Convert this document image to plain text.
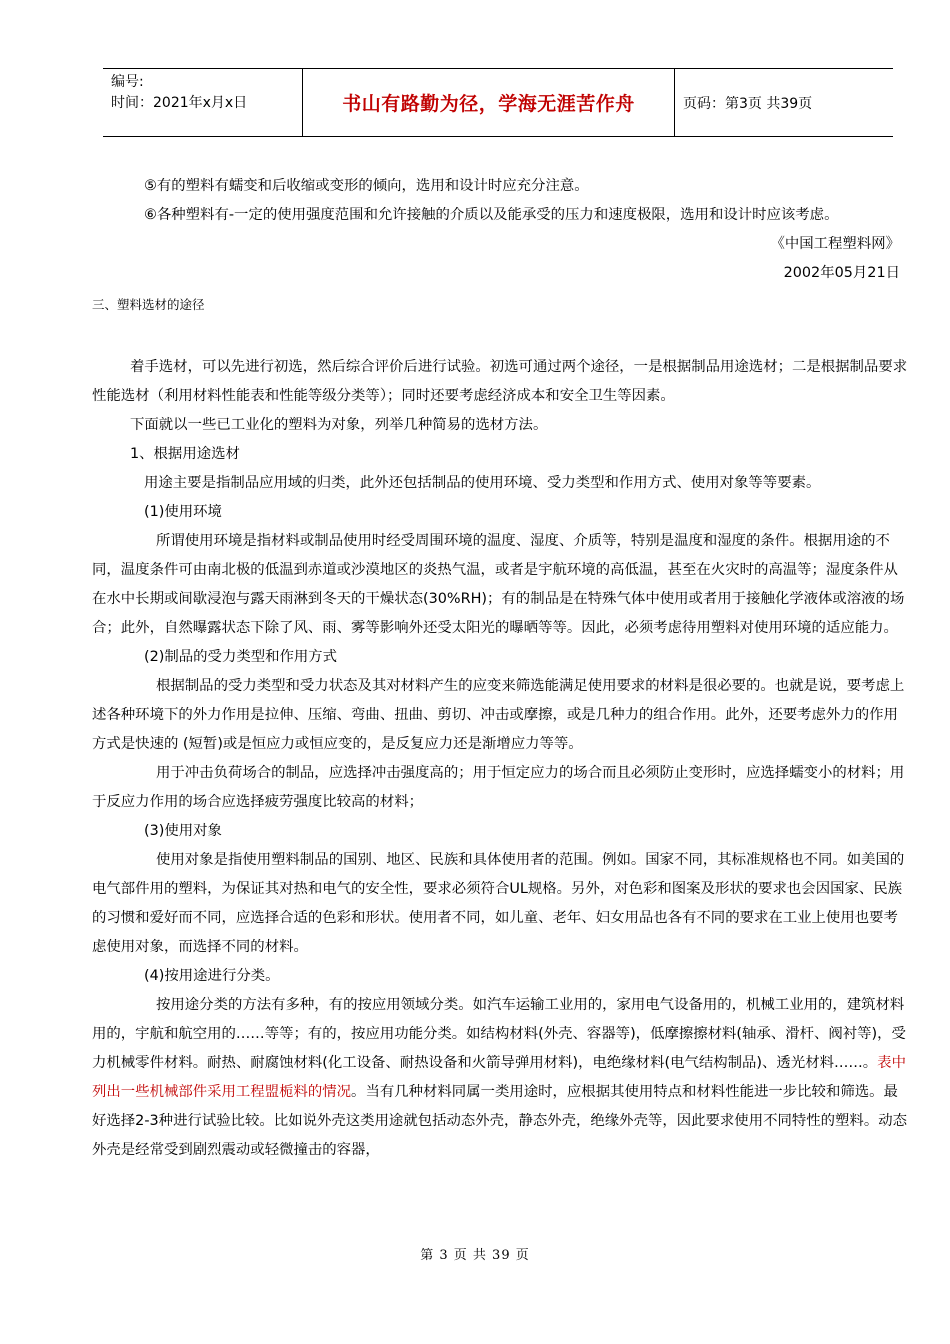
编号:
时间：2021年x月x日	书山有路勤为径，学海无涯苦作舟	页码：第3页 共39页

⑤有的塑料有蠕变和后收缩或变形的倾向，选用和设计时应充分注意。

⑥各种塑料有-一定的使用强度范围和允许接触的介质以及能承受的压力和速度极限，选用和设计时应该考虑。

《中国工程塑料网》

2002年05月21日

三、塑料选材的途径

着手选材，可以先进行初选，然后综合评价后进行试验。初选可通过两个途径，一是根据制品用途选材；二是根据制品要求性能选材（利用材料性能表和性能等级分类等）；同时还要考虑经济成本和安全卫生等因素。

下面就以一些已工业化的塑料为对象，列举几种简易的选材方法。

1、根据用途选材

用途主要是指制品应用域的归类，此外还包括制品的使用环境、受力类型和作用方式、使用对象等等要素。

(1)使用环境

所谓使用环境是指材料或制品使用时经受周围环境的温度、湿度、介质等，特别是温度和湿度的条件。根据用途的不同，温度条件可由南北极的低温到赤道或沙漠地区的炎热气温，或者是宇航环境的高低温，甚至在火灾时的高温等；湿度条件从在水中长期或间歇浸泡与露天雨淋到冬天的干燥状态(30%RH)；有的制品是在特殊气体中使用或者用于接触化学液体或溶液的场合；此外，自然曝露状态下除了风、雨、雾等影响外还受太阳光的曝晒等等。因此，必须考虑待用塑料对使用环境的适应能力。

(2)制品的受力类型和作用方式

根据制品的受力类型和受力状态及其对材料产生的应变来筛选能满足使用要求的材料是很必要的。也就是说，要考虑上述各种环境下的外力作用是拉伸、压缩、弯曲、扭曲、剪切、冲击或摩擦，或是几种力的组合作用。此外，还要考虑外力的作用方式是快速的 (短暂)或是恒应力或恒应变的，是反复应力还是渐增应力等等。

用于冲击负荷场合的制品，应选择冲击强度高的；用于恒定应力的场合而且必须防止变形时，应选择蠕变小的材料；用于反应力作用的场合应选择疲劳强度比较高的材料；

(3)使用对象

使用对象是指使用塑料制品的国别、地区、民族和具体使用者的范围。例如。国家不同，其标准规格也不同。如美国的电气部件用的塑料，为保证其对热和电气的安全性，要求必须符合UL规格。另外，对色彩和图案及形状的要求也会因国家、民族的习惯和爱好而不同，应选择合适的色彩和形状。使用者不同，如儿童、老年、妇女用品也各有不同的要求在工业上使用也要考虑使用对象，而选择不同的材料。

(4)按用途进行分类。

按用途分类的方法有多种，有的按应用领域分类。如汽车运输工业用的，家用电气设备用的，机械工业用的，建筑材料用的，宇航和航空用的……等等；有的，按应用功能分类。如结构材料(外壳、容器等)，低摩擦擦材料(轴承、滑杆、阀衬等)，受力机械零件材料。耐热、耐腐蚀材料(化工设备、耐热设备和火箭导弹用材料)，电绝缘材料(电气结构制品)、透光材料……。表中列出一些机械部件采用工程盟栀料的情况。当有几种材料同属一类用途时，应根据其使用特点和材料性能进一步比较和筛选。最好选择2-3种进行试验比较。比如说外壳这类用途就包括动态外壳，静态外壳，绝缘外壳等，因此要求使用不同特性的塑料。动态外壳是经常受到剧烈震动或轻微撞击的容器，

第 3 页 共 39 页
